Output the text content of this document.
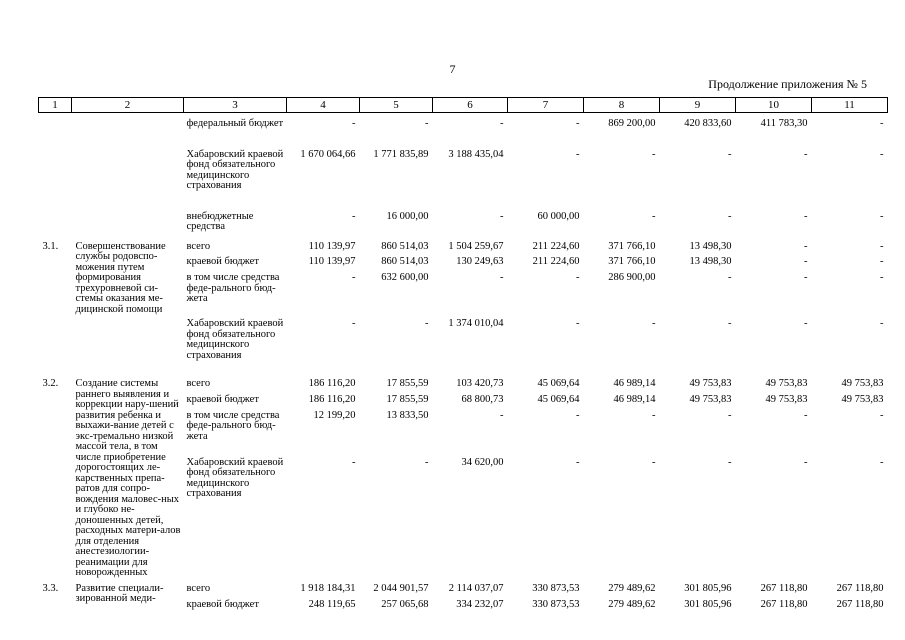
7
Продолжение приложения № 5
1	2	3	4	5	6	7	8	9	10	11
		федеральный бюджет	-	-	-	-	869 200,00	420 833,60	411 783,30	-
		Хабаровский краевой фонд обязательного медицинского страхования	1 670 064,66	1 771 835,89	3 188 435,04	-	-	-	-	-
		внебюджетные средства	-	16 000,00	-	60 000,00	-	-	-	-
3.1.	Совершенствование службы родовспо-можения путем формирования трехуровневой си-стемы оказания ме-дицинской помощи	всего	110 139,97	860 514,03	1 504 259,67	211 224,60	371 766,10	13 498,30	-	-
		краевой бюджет	110 139,97	860 514,03	130 249,63	211 224,60	371 766,10	13 498,30	-	-
		в том числе средства феде-рального бюд-жета	-	632 600,00	-	-	286 900,00	-	-	-
		Хабаровский краевой фонд обязательного медицинского страхования	-	-	1 374 010,04	-	-	-	-	-
3.2.	Создание системы раннего выявления и коррекции нару-шений развития ребенка и выхажи-вание детей с экс-тремально низкой массой тела, в том числе приобретение дорогостоящих ле-карственных препа-ратов для сопро-вождения маловес-ных и глубоко не-доношенных детей, расходных матери-алов для отделения анестезиологии-реанимации для новорожденных	всего	186 116,20	17 855,59	103 420,73	45 069,64	46 989,14	49 753,83	49 753,83	49 753,83
		краевой бюджет	186 116,20	17 855,59	68 800,73	45 069,64	46 989,14	49 753,83	49 753,83	49 753,83
		в том числе средства феде-рального бюд-жета	12 199,20	13 833,50	-	-	-	-	-	-
		Хабаровский краевой фонд обязательного медицинского страхования	-	-	34 620,00	-	-	-	-	-
3.3.	Развитие специали-зированной меди-	всего	1 918 184,31	2 044 901,57	2 114 037,07	330 873,53	279 489,62	301 805,96	267 118,80	267 118,80
		краевой бюджет	248 119,65	257 065,68	334 232,07	330 873,53	279 489,62	301 805,96	267 118,80	267 118,80
